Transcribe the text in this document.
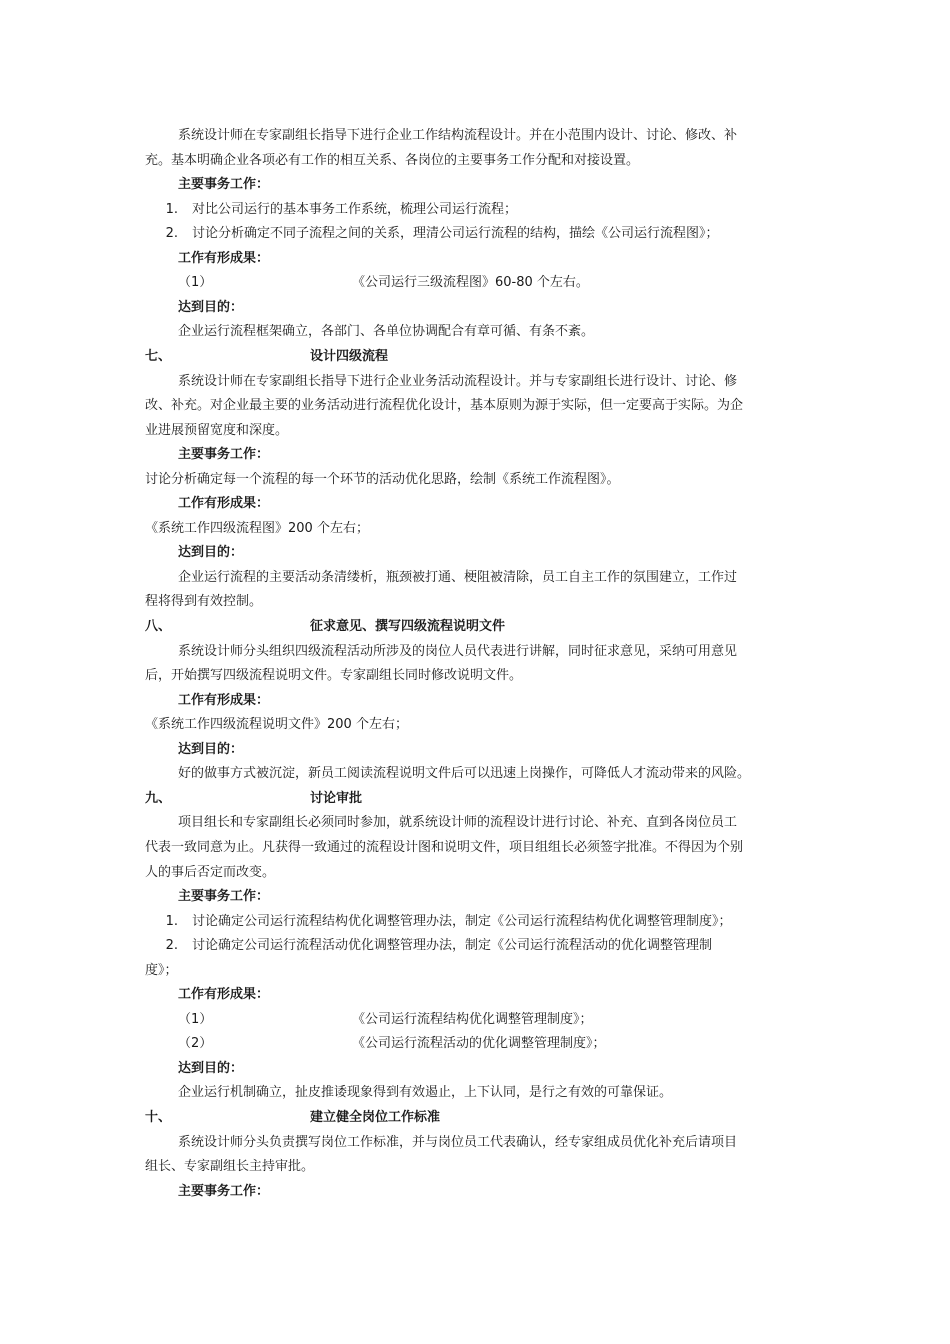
系统设计师在专家副组长指导下进行企业工作结构流程设计。并在小范围内设计、讨论、修改、补
充。基本明确企业各项必有工作的相互关系、各岗位的主要事务工作分配和对接设置。
主要事务工作：
1. 对比公司运行的基本事务工作系统，梳理公司运行流程；
2. 讨论分析确定不同子流程之间的关系，理清公司运行流程的结构，描绘《公司运行流程图》；
工作有形成果：
（1）	《公司运行三级流程图》60-80 个左右。
达到目的：
企业运行流程框架确立，各部门、各单位协调配合有章可循、有条不紊。
七、	设计四级流程
系统设计师在专家副组长指导下进行企业业务活动流程设计。并与专家副组长进行设计、讨论、修
改、补充。对企业最主要的业务活动进行流程优化设计，基本原则为源于实际，但一定要高于实际。为企
业进展预留宽度和深度。
主要事务工作：
讨论分析确定每一个流程的每一个环节的活动优化思路，绘制《系统工作流程图》。
工作有形成果：
《系统工作四级流程图》200 个左右；
达到目的：
企业运行流程的主要活动条清缕析，瓶颈被打通、梗阻被清除，员工自主工作的氛围建立，工作过
程将得到有效控制。
八、	征求意见、撰写四级流程说明文件
系统设计师分头组织四级流程活动所涉及的岗位人员代表进行讲解，同时征求意见，采纳可用意见
后，开始撰写四级流程说明文件。专家副组长同时修改说明文件。
工作有形成果：
《系统工作四级流程说明文件》200 个左右；
达到目的：
好的做事方式被沉淀，新员工阅读流程说明文件后可以迅速上岗操作，可降低人才流动带来的风险。
九、	讨论审批
项目组长和专家副组长必须同时参加，就系统设计师的流程设计进行讨论、补充、直到各岗位员工
代表一致同意为止。凡获得一致通过的流程设计图和说明文件，项目组组长必须签字批准。不得因为个别
人的事后否定而改变。
主要事务工作：
1. 讨论确定公司运行流程结构优化调整管理办法，制定《公司运行流程结构优化调整管理制度》；
2. 讨论确定公司运行流程活动优化调整管理办法，制定《公司运行流程活动的优化调整管理制
度》；
工作有形成果：
（1）	《公司运行流程结构优化调整管理制度》；
（2）	《公司运行流程活动的优化调整管理制度》；
达到目的：
企业运行机制确立，扯皮推诿现象得到有效遏止，上下认同，是行之有效的可靠保证。
十、	建立健全岗位工作标准
系统设计师分头负责撰写岗位工作标准，并与岗位员工代表确认，经专家组成员优化补充后请项目
组长、专家副组长主持审批。
主要事务工作：
